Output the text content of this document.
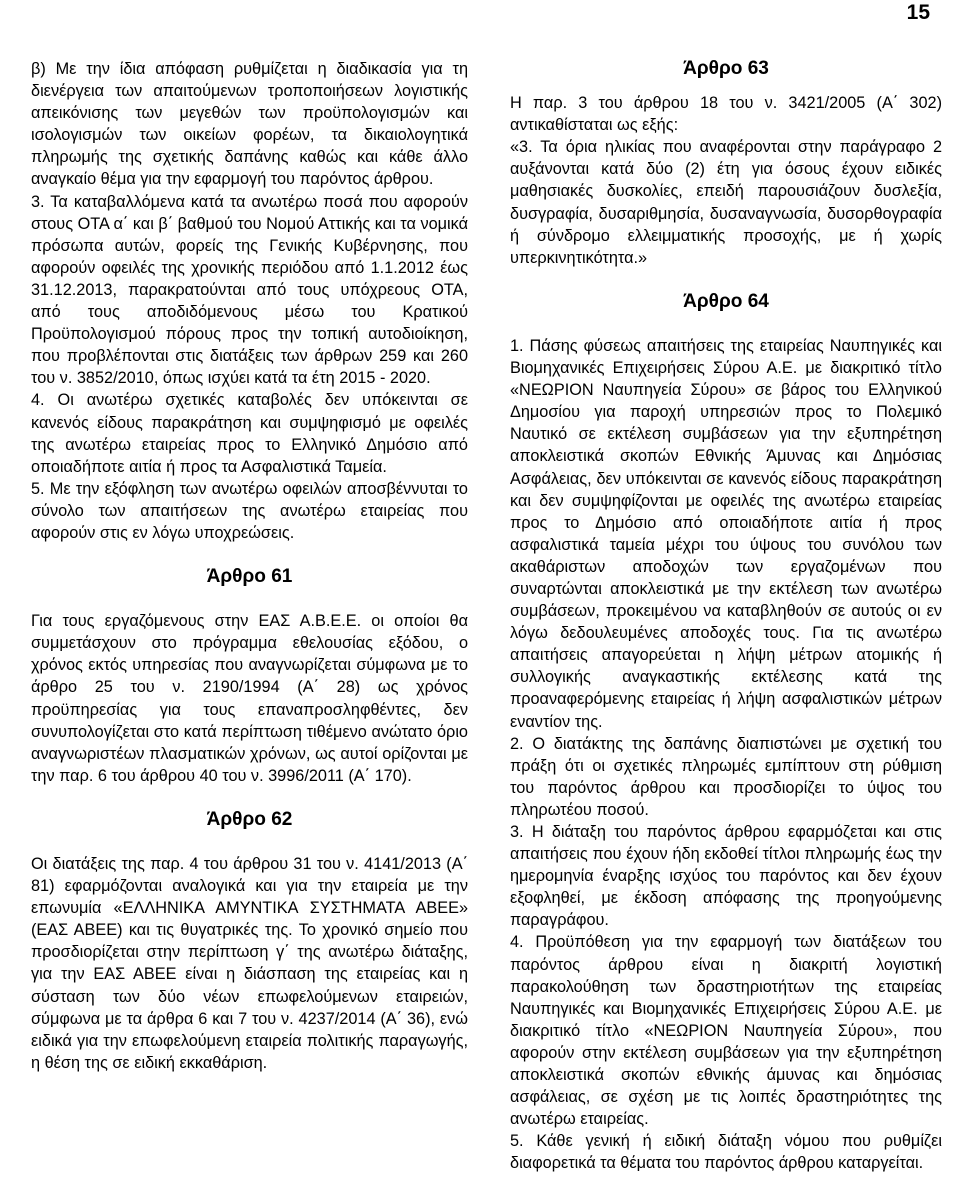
15

β) Με την ίδια απόφαση ρυθμίζεται η διαδικασία για τη διενέργεια των απαιτούμενων τροποποιήσεων λογιστικής απεικόνισης των μεγεθών των προϋπολογισμών και ισολογισμών των οικείων φορέων, τα δικαιολογητικά πληρωμής της σχετικής δαπάνης καθώς και κάθε άλλο αναγκαίο θέμα για την εφαρμογή του παρόντος άρθρου.

3. Τα καταβαλλόμενα κατά τα ανωτέρω ποσά που αφορούν στους ΟΤΑ α΄ και β΄ βαθμού του Νομού Αττικής και τα νομικά πρόσωπα αυτών, φορείς της Γενικής Κυβέρνησης, που αφορούν οφειλές της χρονικής περιόδου από 1.1.2012 έως 31.12.2013, παρακρατούνται από τους υπόχρεους ΟΤΑ, από τους αποδιδόμενους μέσω του Κρατικού Προϋπολογισμού πόρους προς την τοπική αυτοδιοίκηση, που προβλέπονται στις διατάξεις των άρθρων 259 και 260 του ν. 3852/2010, όπως ισχύει κατά τα έτη 2015 - 2020.

4. Οι ανωτέρω σχετικές καταβολές δεν υπόκεινται σε κανενός είδους παρακράτηση και συμψηφισμό με οφειλές της ανωτέρω εταιρείας προς το Ελληνικό Δημόσιο από οποιαδήποτε αιτία ή προς τα Ασφαλιστικά Ταμεία.

5. Με την εξόφληση των ανωτέρω οφειλών αποσβέννυται το σύνολο των απαιτήσεων της ανωτέρω εταιρείας που αφορούν στις εν λόγω υποχρεώσεις.

Άρθρο 61

Για τους εργαζόμενους στην ΕΑΣ Α.Β.Ε.Ε. οι οποίοι θα συμμετάσχουν στο πρόγραμμα εθελουσίας εξόδου, ο χρόνος εκτός υπηρεσίας που αναγνωρίζεται σύμφωνα με το άρθρο 25 του ν. 2190/1994 (Α΄ 28) ως χρόνος προϋπηρεσίας για τους επαναπροσληφθέντες, δεν συνυπολογίζεται στο κατά περίπτωση τιθέμενο ανώτατο όριο αναγνωριστέων πλασματικών χρόνων, ως αυτοί ορίζονται με την παρ. 6 του άρθρου 40 του ν. 3996/2011 (Α΄ 170).

Άρθρο 62

Οι διατάξεις της παρ. 4 του άρθρου 31 του ν. 4141/2013 (Α΄ 81) εφαρμόζονται αναλογικά και για την εταιρεία με την επωνυμία «ΕΛΛΗΝΙΚΑ ΑΜΥΝΤΙΚΑ ΣΥΣΤΗΜΑΤΑ ΑΒΕΕ» (ΕΑΣ ΑΒΕΕ) και τις θυγατρικές της. Το χρονικό σημείο που προσδιορίζεται στην περίπτωση γ΄ της ανωτέρω διάταξης, για την ΕΑΣ ΑΒΕΕ είναι η διάσπαση της εταιρείας και η σύσταση των δύο νέων επωφελούμενων εταιρειών, σύμφωνα με τα άρθρα 6 και 7 του ν. 4237/2014 (Α΄ 36), ενώ ειδικά για την επωφελούμενη εταιρεία πολιτικής παραγωγής, η θέση της σε ειδική εκκαθάριση.

Άρθρο 63

Η παρ. 3 του άρθρου 18 του ν. 3421/2005 (Α΄ 302) αντικαθίσταται ως εξής:

«3. Τα όρια ηλικίας που αναφέρονται στην παράγραφο 2 αυξάνονται κατά δύο (2) έτη για όσους έχουν ειδικές μαθησιακές δυσκολίες, επειδή παρουσιάζουν δυσλεξία, δυσγραφία, δυσαριθμησία, δυσαναγνωσία, δυσορθογραφία ή σύνδρομο ελλειμματικής προσοχής, με ή χωρίς υπερκινητικότητα.»

Άρθρο 64

1. Πάσης φύσεως απαιτήσεις της εταιρείας Ναυπηγικές και Βιομηχανικές Επιχειρήσεις Σύρου Α.Ε. με διακριτικό τίτλο «ΝΕΩΡΙΟΝ Ναυπηγεία Σύρου» σε βάρος του Ελληνικού Δημοσίου για παροχή υπηρεσιών προς το Πολεμικό Ναυτικό σε εκτέλεση συμβάσεων για την εξυπηρέτηση αποκλειστικά σκοπών Εθνικής Άμυνας και Δημόσιας Ασφάλειας, δεν υπόκεινται σε κανενός είδους παρακράτηση και δεν συμψηφίζονται με οφειλές της ανωτέρω εταιρείας προς το Δημόσιο από οποιαδήποτε αιτία ή προς ασφαλιστικά ταμεία μέχρι του ύψους του συνόλου των ακαθάριστων αποδοχών των εργαζομένων που συναρτώνται αποκλειστικά με την εκτέλεση των ανωτέρω συμβάσεων, προκειμένου να καταβληθούν σε αυτούς οι εν λόγω δεδουλευμένες αποδοχές τους. Για τις ανωτέρω απαιτήσεις απαγορεύεται η λήψη μέτρων ατομικής ή συλλογικής αναγκαστικής εκτέλεσης κατά της προαναφερόμενης εταιρείας ή λήψη ασφαλιστικών μέτρων εναντίον της.

2. Ο διατάκτης της δαπάνης διαπιστώνει με σχετική του πράξη ότι οι σχετικές πληρωμές εμπίπτουν στη ρύθμιση του παρόντος άρθρου και προσδιορίζει το ύψος του πληρωτέου ποσού.

3. Η διάταξη του παρόντος άρθρου εφαρμόζεται και στις απαιτήσεις που έχουν ήδη εκδοθεί τίτλοι πληρωμής έως την ημερομηνία έναρξης ισχύος του παρόντος και δεν έχουν εξοφληθεί, με έκδοση απόφασης της προηγούμενης παραγράφου.

4. Προϋπόθεση για την εφαρμογή των διατάξεων του παρόντος άρθρου είναι η διακριτή λογιστική παρακολούθηση των δραστηριοτήτων της εταιρείας Ναυπηγικές και Βιομηχανικές Επιχειρήσεις Σύρου Α.Ε. με διακριτικό τίτλο «ΝΕΩΡΙΟΝ Ναυπηγεία Σύρου», που αφορούν στην εκτέλεση συμβάσεων για την εξυπηρέτηση αποκλειστικά σκοπών εθνικής άμυνας και δημόσιας ασφάλειας, σε σχέση με τις λοιπές δραστηριότητες της ανωτέρω εταιρείας.

5. Κάθε γενική ή ειδική διάταξη νόμου που ρυθμίζει διαφορετικά τα θέματα του παρόντος άρθρου καταργείται.
